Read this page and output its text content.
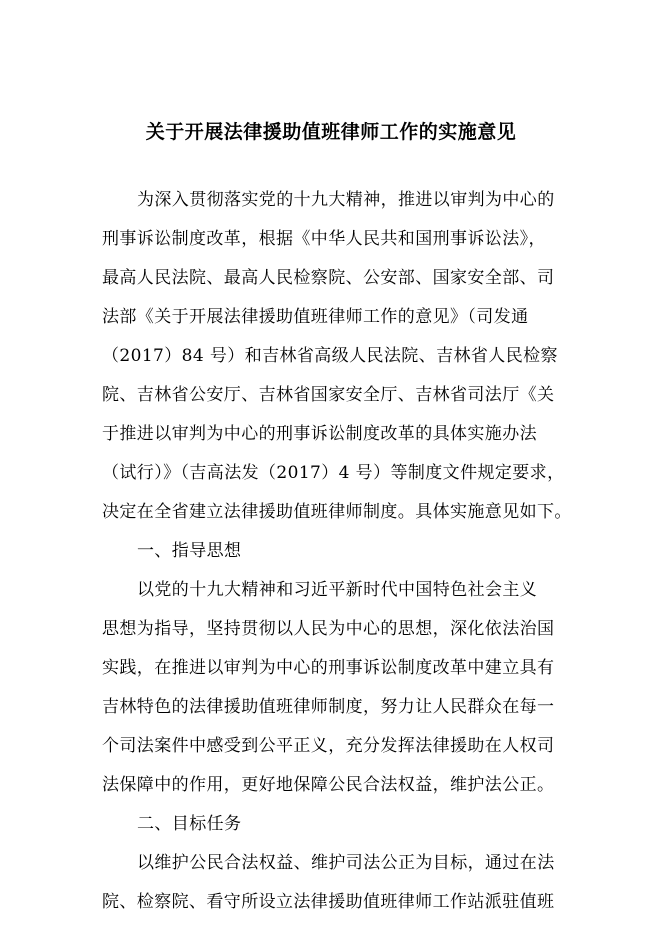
关于开展法律援助值班律师工作的实施意见
为深入贯彻落实党的十九大精神，推进以审判为中心的
刑事诉讼制度改革，根据《中华人民共和国刑事诉讼法》，
最高人民法院、最高人民检察院、公安部、国家安全部、司
法部《关于开展法律援助值班律师工作的意见》（司发通
（2017）84 号）和吉林省高级人民法院、吉林省人民检察
院、吉林省公安厅、吉林省国家安全厅、吉林省司法厅《关
于推进以审判为中心的刑事诉讼制度改革的具体实施办法
（试行）》（吉高法发（2017）4 号）等制度文件规定要求，
决定在全省建立法律援助值班律师制度。具体实施意见如下。
一、指导思想
以党的十九大精神和习近平新时代中国特色社会主义
思想为指导，坚持贯彻以人民为中心的思想，深化依法治国
实践，在推进以审判为中心的刑事诉讼制度改革中建立具有
吉林特色的法律援助值班律师制度，努力让人民群众在每一
个司法案件中感受到公平正义，充分发挥法律援助在人权司
法保障中的作用，更好地保障公民合法权益，维护法公正。
二、目标任务
以维护公民合法权益、维护司法公正为目标，通过在法
院、检察院、看守所设立法律援助值班律师工作站派驻值班
